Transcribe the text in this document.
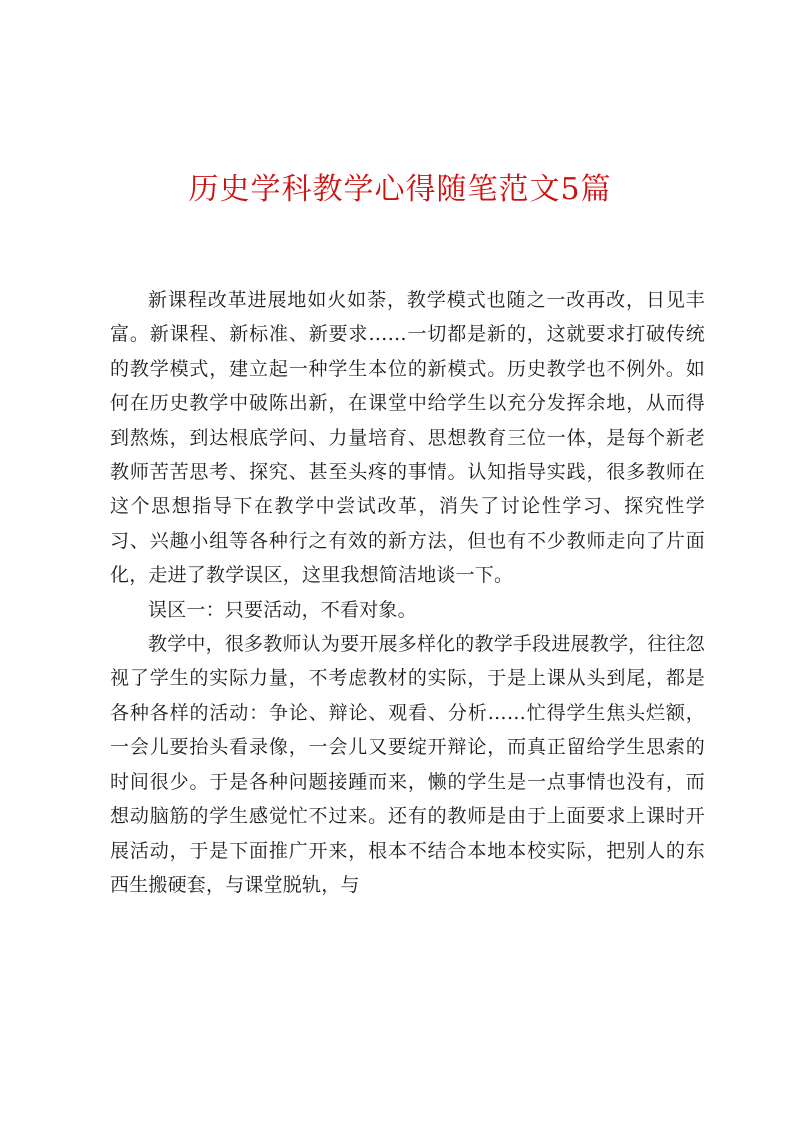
历史学科教学心得随笔范文5篇

新课程改革进展地如火如荼，教学模式也随之一改再改，日见丰富。新课程、新标准、新要求……一切都是新的，这就要求打破传统的教学模式，建立起一种学生本位的新模式。历史教学也不例外。如何在历史教学中破陈出新，在课堂中给学生以充分发挥余地，从而得到熬炼，到达根底学问、力量培育、思想教育三位一体，是每个新老教师苦苦思考、探究、甚至头疼的事情。认知指导实践，很多教师在这个思想指导下在教学中尝试改革，消失了讨论性学习、探究性学习、兴趣小组等各种行之有效的新方法，但也有不少教师走向了片面化，走进了教学误区，这里我想简洁地谈一下。

误区一：只要活动，不看对象。

教学中，很多教师认为要开展多样化的教学手段进展教学，往往忽视了学生的实际力量，不考虑教材的实际，于是上课从头到尾，都是各种各样的活动：争论、辩论、观看、分析……忙得学生焦头烂额，一会儿要抬头看录像，一会儿又要绽开辩论，而真正留给学生思索的时间很少。于是各种问题接踵而来，懒的学生是一点事情也没有，而想动脑筋的学生感觉忙不过来。还有的教师是由于上面要求上课时开展活动，于是下面推广开来，根本不结合本地本校实际，把别人的东西生搬硬套，与课堂脱轨，与
